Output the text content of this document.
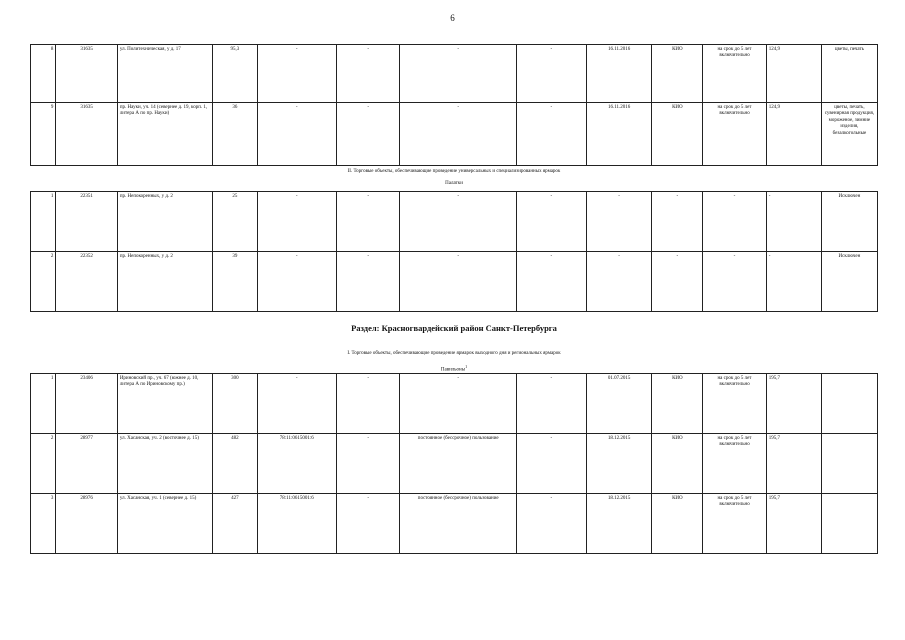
6
8	31635	ул. Политехническая, у д. 17	95,3	-	-	-	-	16.11.2016	КИО	на срок до 5 лет включительно	124,9	цветы, печать
9	31635	пр. Науки, уч. 14 (севернее д. 19, корп. 1, литера А по пр. Науки)	36	-	-	-	-	16.11.2016	КИО	на срок до 5 лет включительно	124,9	цветы, печать, сувенирная продукция, мороженое, зимние изделия, безалкогольные
II. Торговые объекты, обеспечивающие проведение универсальных и специализированных ярмарок
Палатки
1	22351	пр. Непокоренных, у д. 2	25	-	-	-	-	-	-	-	-	Исключен
2	22352	пр. Непокоренных, у д. 2	39	-	-	-	-	-	-	-	-	Исключен
Раздел: Красногвардейский район Санкт-Петербурга
I. Торговые объекты, обеспечивающие проведение ярмарок выходного дня и региональных ярмарок
Павильоны$^1$
1	23406	Ириновский пр., уч. 67 (южнее д. 10, литера А по Ириновскому пр.)	300	-	-	-	-	01.07.2015	КИО	на срок до 5 лет включительно	195,7	
2	28977	ул. Хасанская, уч. 2 (восточнее д. 15)	482	78:11:0615001:6	-	постоянное (бессрочное) пользование	-	18.12.2015	КИО	на срок до 5 лет включительно	195,7	
3	28976	ул. Хасанская, уч. 1 (севернее д. 15)	427	78:11:0615001:6	-	постоянное (бессрочное) пользование	-	18.12.2015	КИО	на срок до 5 лет включительно	195,7	
